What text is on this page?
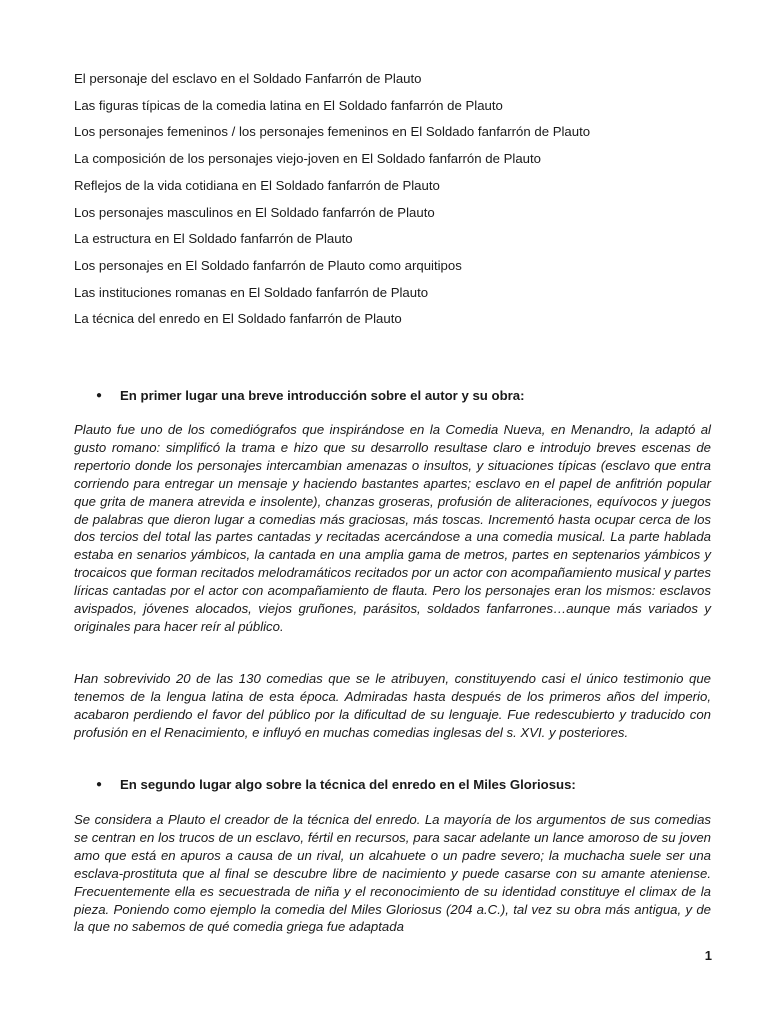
El personaje del esclavo en el Soldado Fanfarrón de Plauto
Las figuras típicas de la comedia latina en El Soldado fanfarrón de Plauto
Los personajes femeninos / los personajes femeninos en El Soldado fanfarrón de Plauto
La composición de los personajes viejo-joven en El Soldado fanfarrón de Plauto
Reflejos de la vida cotidiana en El Soldado fanfarrón de Plauto
Los personajes masculinos en El Soldado fanfarrón de Plauto
La estructura en El Soldado fanfarrón de Plauto
Los personajes en El Soldado fanfarrón de Plauto como arquitipos
Las instituciones romanas en El Soldado fanfarrón de Plauto
La técnica del enredo en El Soldado fanfarrón de Plauto
● En primer lugar una breve introducción sobre el autor y su obra:

Plauto fue uno de los comediógrafos que inspirándose en la Comedia Nueva, en Menandro, la adaptó al gusto romano: simplificó la trama e hizo que su desarrollo resultase claro e introdujo breves escenas de repertorio donde los personajes intercambian amenazas o insultos, y situaciones típicas (esclavo que entra corriendo para entregar un mensaje y haciendo bastantes apartes; esclavo en el papel de anfitrión popular que grita de manera atrevida e insolente), chanzas groseras, profusión de aliteraciones, equívocos y juegos de palabras que dieron lugar a comedias más graciosas, más toscas. Incrementó hasta ocupar cerca de los dos tercios del total las partes cantadas y recitadas acercándose a una comedia musical. La parte hablada estaba en senarios yámbicos, la cantada en una amplia gama de metros, partes en septenarios yámbicos y trocaicos que forman recitados melodramáticos recitados por un actor con acompañamiento musical y partes líricas cantadas por el actor con acompañamiento de flauta. Pero los personajes eran los mismos: esclavos avispados, jóvenes alocados, viejos gruñones, parásitos, soldados fanfarrones…aunque más variados y originales para hacer reír al público.

Han sobrevivido 20 de las 130 comedias que se le atribuyen, constituyendo casi el único testimonio que tenemos de la lengua latina de esta época. Admiradas hasta después de los primeros años del imperio, acabaron perdiendo el favor del público por la dificultad de su lenguaje. Fue redescubierto y traducido con profusión en el Renacimiento, e influyó en muchas comedias inglesas del s. XVI. y posteriores.

● En segundo lugar algo sobre la técnica del enredo en el Miles Gloriosus:

Se considera a Plauto el creador de la técnica del enredo. La mayoría de los argumentos de sus comedias se centran en los trucos de un esclavo, fértil en recursos, para sacar adelante un lance amoroso de su joven amo que está en apuros a causa de un rival, un alcahuete o un padre severo; la muchacha suele ser una esclava-prostituta que al final se descubre libre de nacimiento y puede casarse con su amante ateniense. Frecuentemente ella es secuestrada de niña y el reconocimiento de su identidad constituye el climax de la pieza. Poniendo como ejemplo la comedia del Miles Gloriosus (204 a.C.), tal vez su obra más antigua, y de la que no sabemos de qué comedia griega fue adaptada

1
